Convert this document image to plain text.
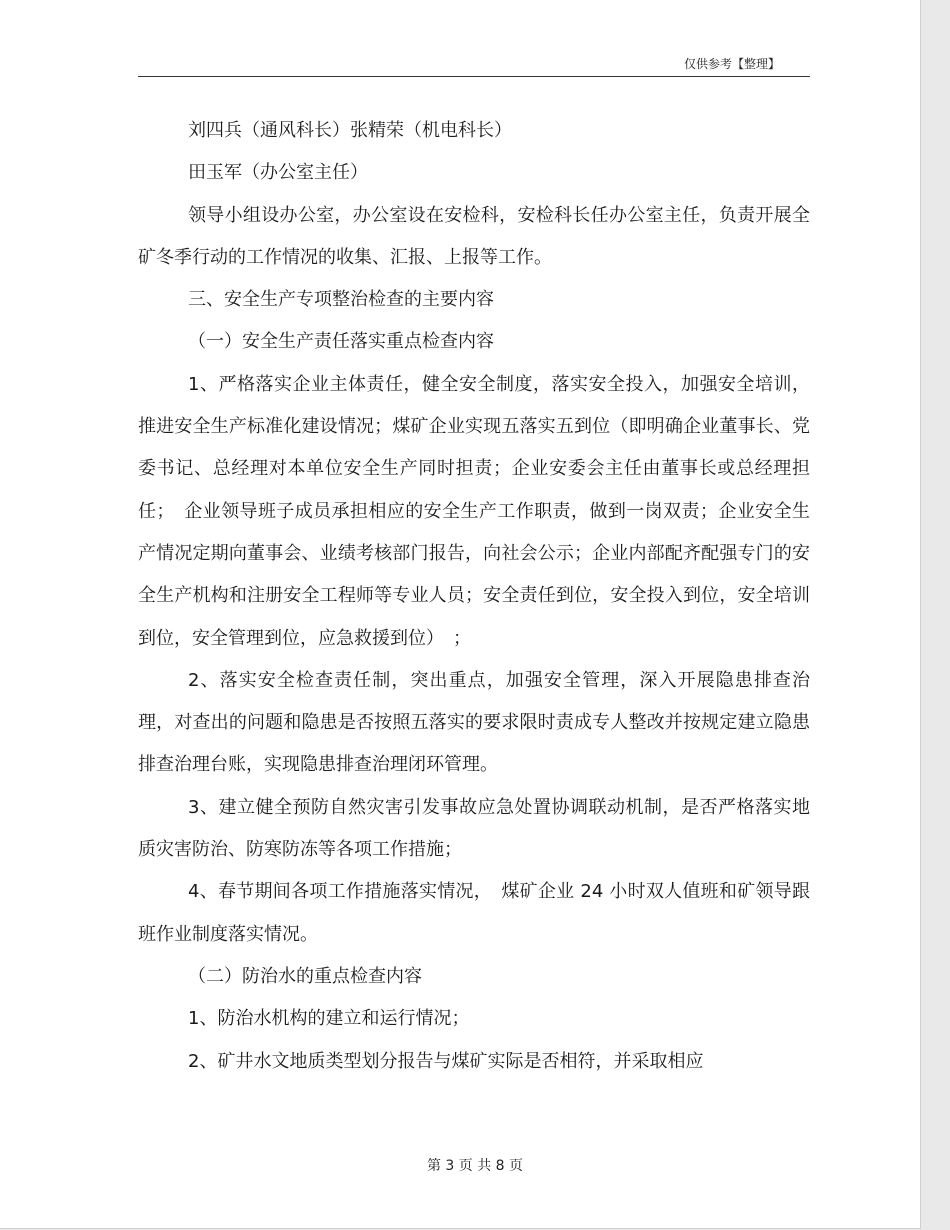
仅供参考【整理】

刘四兵（通风科长）张精荣（机电科长）

田玉军（办公室主任）

领导小组设办公室，办公室设在安检科，安检科长任办公室主任，负责开展全矿冬季行动的工作情况的收集、汇报、上报等工作。

三、安全生产专项整治检查的主要内容

（一）安全生产责任落实重点检查内容

1、严格落实企业主体责任，健全安全制度，落实安全投入，加强安全培训，推进安全生产标准化建设情况；煤矿企业实现五落实五到位（即明确企业董事长、党委书记、总经理对本单位安全生产同时担责；企业安委会主任由董事长或总经理担任；　企业领导班子成员承担相应的安全生产工作职责，做到一岗双责；企业安全生产情况定期向董事会、业绩考核部门报告，向社会公示；企业内部配齐配强专门的安全生产机构和注册安全工程师等专业人员；安全责任到位，安全投入到位，安全培训到位，安全管理到位，应急救援到位）　；

2、落实安全检查责任制，突出重点，加强安全管理，深入开展隐患排查治理，对查出的问题和隐患是否按照五落实的要求限时责成专人整改并按规定建立隐患排查治理台账，实现隐患排查治理闭环管理。

3、建立健全预防自然灾害引发事故应急处置协调联动机制，是否严格落实地质灾害防治、防寒防冻等各项工作措施；

4、春节期间各项工作措施落实情况，　煤矿企业 24 小时双人值班和矿领导跟班作业制度落实情况。

（二）防治水的重点检查内容

1、防治水机构的建立和运行情况；

2、矿井水文地质类型划分报告与煤矿实际是否相符，并采取相应

第 3 页 共 8 页
